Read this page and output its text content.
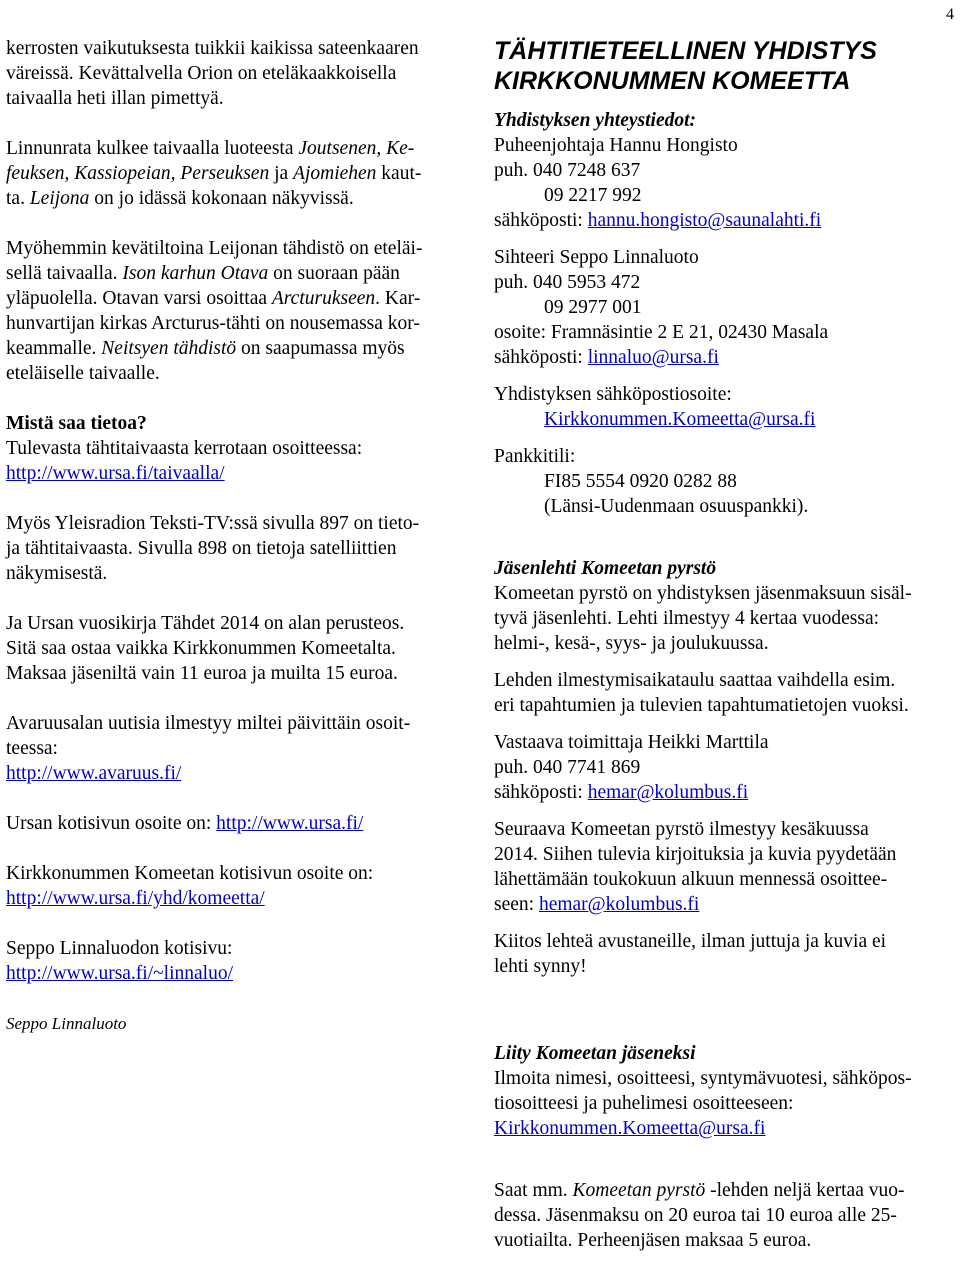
4
kerrosten vaikutuksesta tuikkii kaikissa sateenkaaren
väreissä. Kevättalvella Orion on eteläkaakkoisella
taivaalla heti illan pimettyä.
Linnunrata kulkee taivaalla luoteesta Joutsenen, Ke-
feuksen, Kassiopeian, Perseuksen ja Ajomiehen kaut-
ta. Leijona on jo idässä kokonaan näkyvissä.
Myöhemmin kevätiltoina Leijonan tähdistö on eteläi-
sellä taivaalla. Ison karhun Otava on suoraan pään
yläpuolella. Otavan varsi osoittaa Arcturukseen. Kar-
hunvartijan kirkas Arcturus-tähti on nousemassa kor-
keammalle. Neitsyen tähdistö on saapumassa myös
eteläiselle taivaalle.
Mistä saa tietoa?
Tulevasta tähtitaivaasta kerrotaan osoitteessa:
http://www.ursa.fi/taivaalla/
Myös Yleisradion Teksti-TV:ssä sivulla 897 on tieto-
ja tähtitaivaasta. Sivulla 898 on tietoja satelliittien
näkymisestä.
Ja Ursan vuosikirja Tähdet 2014 on alan perusteos.
Sitä saa ostaa vaikka Kirkkonummen Komeetalta.
Maksaa jäseniltä vain 11 euroa ja muilta 15 euroa.
Avaruusalan uutisia ilmestyy miltei päivittäin osoit-
teessa:
http://www.avaruus.fi/
Ursan kotisivun osoite on: http://www.ursa.fi/
Kirkkonummen Komeetan kotisivun osoite on:
http://www.ursa.fi/yhd/komeetta/
Seppo Linnaluodon kotisivu:
http://www.ursa.fi/~linnaluo/
Seppo Linnaluoto
TÄHTITIETEELLINEN YHDISTYS
KIRKKONUMMEN KOMEETTA
Yhdistyksen yhteystiedot:
Puheenjohtaja Hannu Hongisto
puh. 040 7248 637
09 2217 992
sähköposti: hannu.hongisto@saunalahti.fi
Sihteeri Seppo Linnaluoto
puh. 040 5953 472
09 2977 001
osoite: Framnäsintie 2 E 21, 02430 Masala
sähköposti: linnaluo@ursa.fi
Yhdistyksen sähköpostiosoite:
Kirkkonummen.Komeetta@ursa.fi
Pankkitili:
FI85 5554 0920 0282 88
(Länsi-Uudenmaan osuuspankki).
Jäsenlehti Komeetan pyrstö
Komeetan pyrstö on yhdistyksen jäsenmaksuun sisäl-
tyvä jäsenlehti. Lehti ilmestyy 4 kertaa vuodessa:
helmi-, kesä-, syys- ja joulukuussa.
Lehden ilmestymisaikataulu saattaa vaihdella esim.
eri tapahtumien ja tulevien tapahtumatietojen vuoksi.
Vastaava toimittaja Heikki Marttila
puh. 040 7741 869
sähköposti: hemar@kolumbus.fi
Seuraava Komeetan pyrstö ilmestyy kesäkuussa
2014. Siihen tulevia kirjoituksia ja kuvia pyydetään
lähettämään toukokuun alkuun mennessä osoittee-
seen: hemar@kolumbus.fi
Kiitos lehteä avustaneille, ilman juttuja ja kuvia ei
lehti synny!
Liity Komeetan jäseneksi
Ilmoita nimesi, osoitteesi, syntymävuotesi, sähköpos-
tiosoitteesi ja puhelimesi osoitteeseen:
Kirkkonummen.Komeetta@ursa.fi
Saat mm. Komeetan pyrstö -lehden neljä kertaa vuo-
dessa. Jäsenmaksu on 20 euroa tai 10 euroa alle 25-
vuotiailta. Perheenjäsen maksaa 5 euroa.
